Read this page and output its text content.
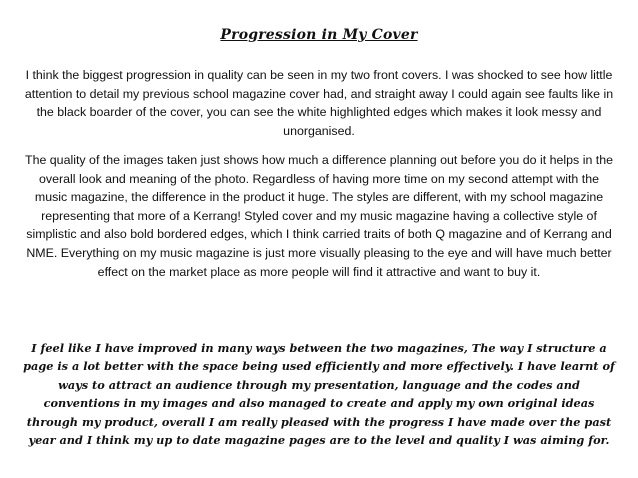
Progression in My Cover

I think the biggest progression in quality can be seen in my two front covers. I was shocked to see how little attention to detail my previous school magazine cover had, and straight away I could again see faults like in the black boarder of the cover, you can see the white highlighted edges which makes it look messy and unorganised.

The quality of the images taken just shows how much a difference planning out before you do it helps in the overall look and meaning of the photo. Regardless of having more time on my second attempt with the music magazine, the difference in the product it huge. The styles are different, with my school magazine representing that more of a Kerrang! Styled cover and my music magazine having a collective style of simplistic and also bold bordered edges, which I think carried traits of both Q magazine and of Kerrang and NME. Everything on my music magazine is just more visually pleasing to the eye and will have much better effect on the market place as more people will find it attractive and want to buy it.

I feel like I have improved in many ways between the two magazines, The way I structure a page is a lot better with the space being used efficiently and more effectively. I have learnt of ways to attract an audience through my presentation, language and the codes and conventions in my images and also managed to create and apply my own original ideas through my product, overall I am really pleased with the progress I have made over the past year and I think my up to date magazine pages are to the level and quality I was aiming for.
